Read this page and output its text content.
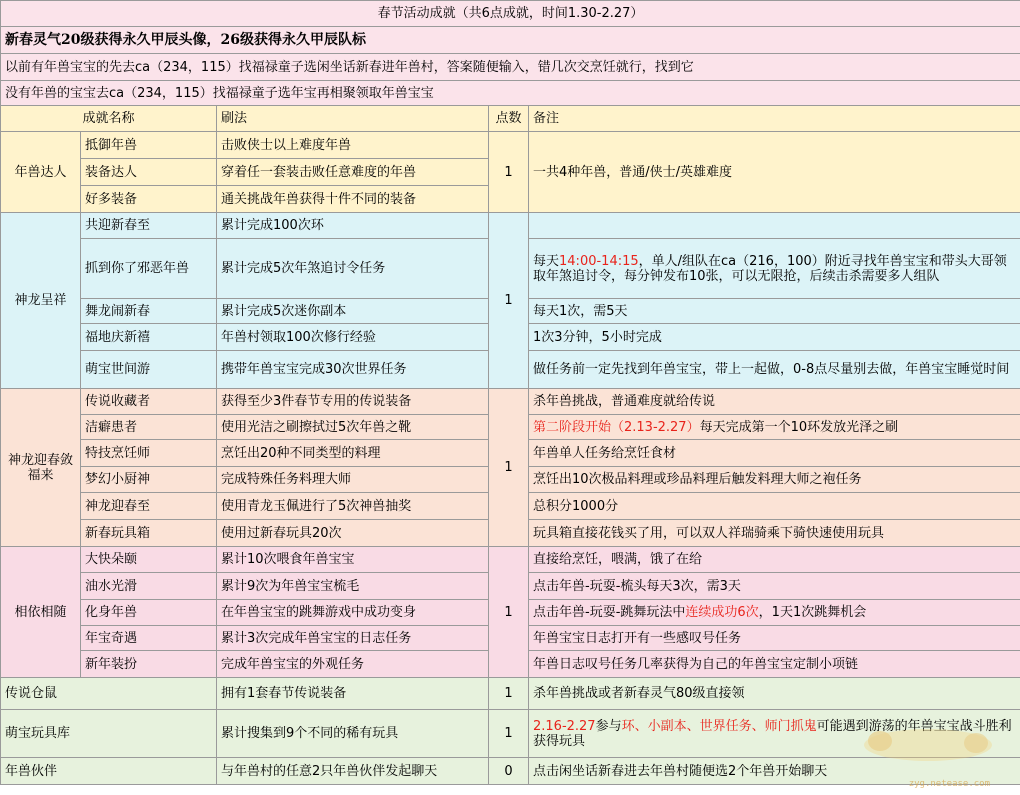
春节活动成就（共6点成就，时间1.30-2.27）				
新春灵气20级获得永久甲辰头像，26级获得永久甲辰队标				
以前有年兽宝宝的先去ca（234，115）找福禄童子选闲坐话新春进年兽村，答案随便输入，错几次交烹饪就行，找到它				
没有年兽的宝宝去ca（234，115）找福禄童子选年宝再相聚领取年兽宝宝				
成就名称		刷法	点数	备注
年兽达人	抵御年兽	击败侠士以上难度年兽	1	一共4种年兽，普通/侠士/英雄难度
	装备达人	穿着任一套装击败任意难度的年兽		
	好多装备	通关挑战年兽获得十件不同的装备		
神龙呈祥	共迎新春至	累计完成100次环	1	
	抓到你了邪恶年兽	累计完成5次年煞追讨令任务		每天14:00-14:15，单人/组队在ca（216，100）附近寻找年兽宝宝和带头大哥领取年煞追讨令，每分钟发布10张，可以无限抢，后续击杀需要多人组队
	舞龙闹新春	累计完成5次迷你副本		每天1次，需5天
	福地庆新禧	年兽村领取100次修行经验		1次3分钟，5小时完成
	萌宝世间游	携带年兽宝宝完成30次世界任务		做任务前一定先找到年兽宝宝，带上一起做，0-8点尽量别去做，年兽宝宝睡觉时间
神龙迎春敛福来	传说收藏者	获得至少3件春节专用的传说装备	1	杀年兽挑战，普通难度就给传说
	洁癖患者	使用光洁之刷擦拭过5次年兽之靴		第二阶段开始（2.13-2.27）每天完成第一个10环发放光泽之刷
	特技烹饪师	烹饪出20种不同类型的料理		年兽单人任务给烹饪食材
	梦幻小厨神	完成特殊任务料理大师		烹饪出10次极品料理或珍品料理后触发料理大师之袍任务
	神龙迎春至	使用青龙玉佩进行了5次神兽抽奖		总积分1000分
	新春玩具箱	使用过新春玩具20次		玩具箱直接花钱买了用，可以双人祥瑞骑乘下骑快速使用玩具
相依相随	大快朵颐	累计10次喂食年兽宝宝	1	直接给烹饪，喂满，饿了在给
	油水光滑	累计9次为年兽宝宝梳毛		点击年兽-玩耍-梳头每天3次，需3天
	化身年兽	在年兽宝宝的跳舞游戏中成功变身		点击年兽-玩耍-跳舞玩法中连续成功6次，1天1次跳舞机会
	年宝奇遇	累计3次完成年兽宝宝的日志任务		年兽宝宝日志打开有一些感叹号任务
	新年装扮	完成年兽宝宝的外观任务		年兽日志叹号任务几率获得为自己的年兽宝宝定制小项链
传说仓鼠		拥有1套春节传说装备	1	杀年兽挑战或者新春灵气80级直接领
萌宝玩具库		累计搜集到9个不同的稀有玩具	1	2.16-2.27参与环、小副本、世界任务、师门抓鬼可能遇到游荡的年兽宝宝战斗胜利获得玩具
年兽伙伴		与年兽村的任意2只年兽伙伴发起聊天	0	点击闲坐话新春进去年兽村随便选2个年兽开始聊天
zyg.netease.com
